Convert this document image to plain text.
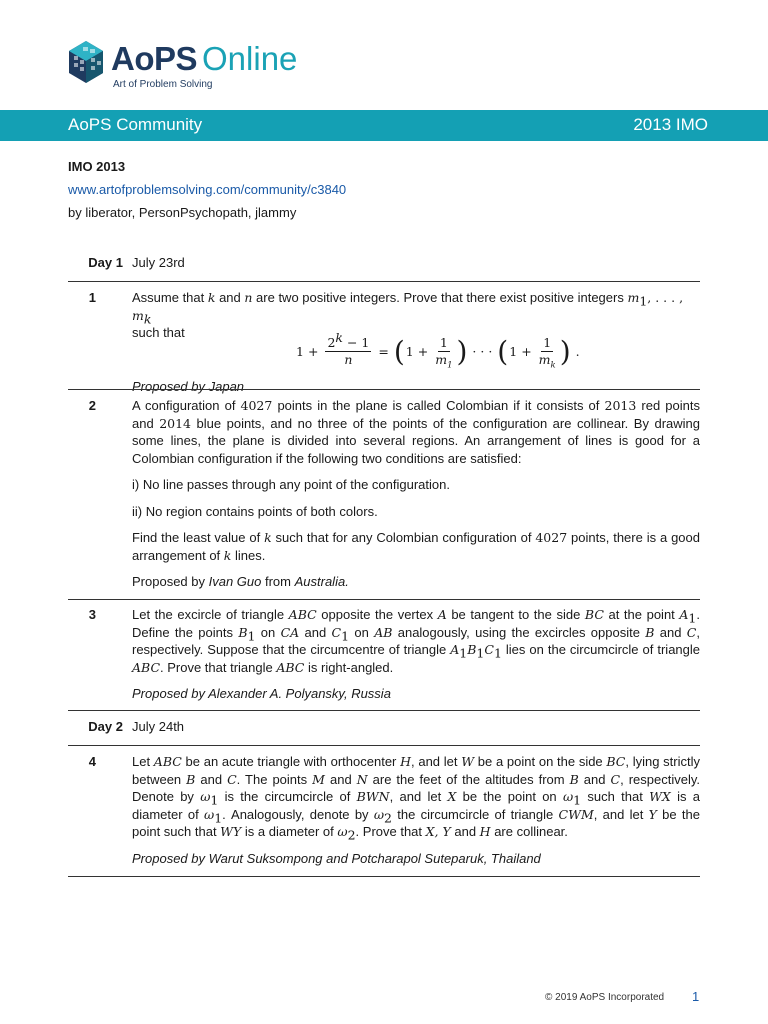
AoPS Online
Art of Problem Solving
AoPS Community	2013 IMO
IMO 2013
www.artofproblemsolving.com/community/c3840
by liberator, PersonPsychopath, jlammy
Day 1 July 23rd
1	Assume that k and n are two positive integers. Prove that there exist positive integers $m_1$, . . . , $m_k$

such that

$1 + \frac{2^k - 1}{n}$ = ( $1 + \frac{1}{m_1}$ ) · · · ( $1 + \frac{1}{m_k}$ ) .

Proposed by Japan

2	A configuration of 4027 points in the plane is called Colombian if it consists of 2013 red points and 2014 blue points, and no three of the points of the configuration are collinear. By drawing some lines, the plane is divided into several regions. An arrangement of lines is good for a Colombian configuration if the following two conditions are satisfied:

i) No line passes through any point of the configuration.

ii) No region contains points of both colors.

Find the least value of k such that for any Colombian configuration of 4027 points, there is a good arrangement of k lines.

Proposed by Ivan Guo from Australia.

3	Let the excircle of triangle ABC opposite the vertex A be tangent to the side BC at the point $A_1$. Define the points $B_1$ on CA and $C_1$ on AB analogously, using the excircles opposite B and C, respectively. Suppose that the circumcentre of triangle $A_1B_1C_1$ lies on the circumcircle of triangle ABC. Prove that triangle ABC is right-angled.

Proposed by Alexander A. Polyansky, Russia

Day 2 July 24th
4	Let ABC be an acute triangle with orthocenter H, and let W be a point on the side BC, lying strictly between B and C. The points M and N are the feet of the altitudes from B and C, respectively. Denote by $\omega_1$ is the circumcircle of BWN, and let X be the point on $\omega_1$ such that WX is a diameter of $\omega_1$. Analogously, denote by $\omega_2$ the circumcircle of triangle CWM, and let Y be the point such that WY is a diameter of $\omega_2$. Prove that X, Y and H are collinear.

Proposed by Warut Suksompong and Potcharapol Suteparuk, Thailand

© 2019 AoPS Incorporated 1
